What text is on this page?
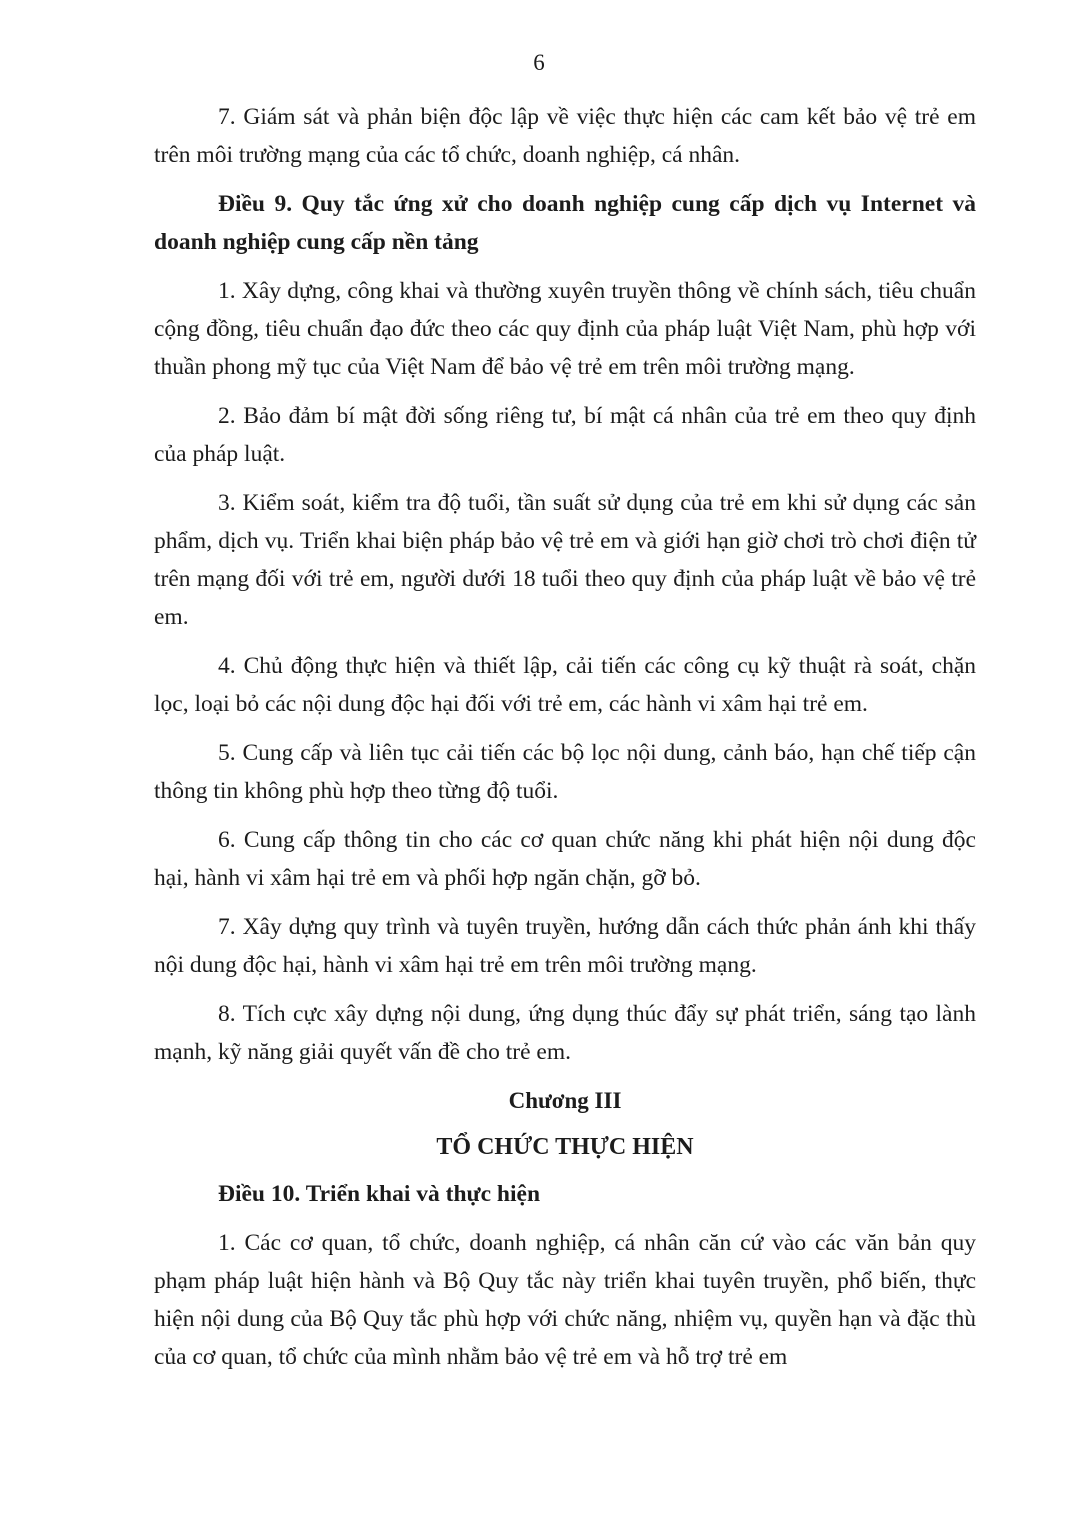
6

7. Giám sát và phản biện độc lập về việc thực hiện các cam kết bảo vệ trẻ em trên môi trường mạng của các tổ chức, doanh nghiệp, cá nhân.

Điều 9. Quy tắc ứng xử cho doanh nghiệp cung cấp dịch vụ Internet và doanh nghiệp cung cấp nền tảng

1. Xây dựng, công khai và thường xuyên truyền thông về chính sách, tiêu chuẩn cộng đồng, tiêu chuẩn đạo đức theo các quy định của pháp luật Việt Nam, phù hợp với thuần phong mỹ tục của Việt Nam để bảo vệ trẻ em trên môi trường mạng.

2. Bảo đảm bí mật đời sống riêng tư, bí mật cá nhân của trẻ em theo quy định của pháp luật.

3. Kiểm soát, kiểm tra độ tuổi, tần suất sử dụng của trẻ em khi sử dụng các sản phẩm, dịch vụ. Triển khai biện pháp bảo vệ trẻ em và giới hạn giờ chơi trò chơi điện tử trên mạng đối với trẻ em, người dưới 18 tuổi theo quy định của pháp luật về bảo vệ trẻ em.

4. Chủ động thực hiện và thiết lập, cải tiến các công cụ kỹ thuật rà soát, chặn lọc, loại bỏ các nội dung độc hại đối với trẻ em, các hành vi xâm hại trẻ em.

5. Cung cấp và liên tục cải tiến các bộ lọc nội dung, cảnh báo, hạn chế tiếp cận thông tin không phù hợp theo từng độ tuổi.

6. Cung cấp thông tin cho các cơ quan chức năng khi phát hiện nội dung độc hại, hành vi xâm hại trẻ em và phối hợp ngăn chặn, gỡ bỏ.

7. Xây dựng quy trình và tuyên truyền, hướng dẫn cách thức phản ánh khi thấy nội dung độc hại, hành vi xâm hại trẻ em trên môi trường mạng.

8. Tích cực xây dựng nội dung, ứng dụng thúc đẩy sự phát triển, sáng tạo lành mạnh, kỹ năng giải quyết vấn đề cho trẻ em.

Chương III

TỔ CHỨC THỰC HIỆN

Điều 10. Triển khai và thực hiện

1. Các cơ quan, tổ chức, doanh nghiệp, cá nhân căn cứ vào các văn bản quy phạm pháp luật hiện hành và Bộ Quy tắc này triển khai tuyên truyền, phổ biến, thực hiện nội dung của Bộ Quy tắc phù hợp với chức năng, nhiệm vụ, quyền hạn và đặc thù của cơ quan, tổ chức của mình nhằm bảo vệ trẻ em và hỗ trợ trẻ em
